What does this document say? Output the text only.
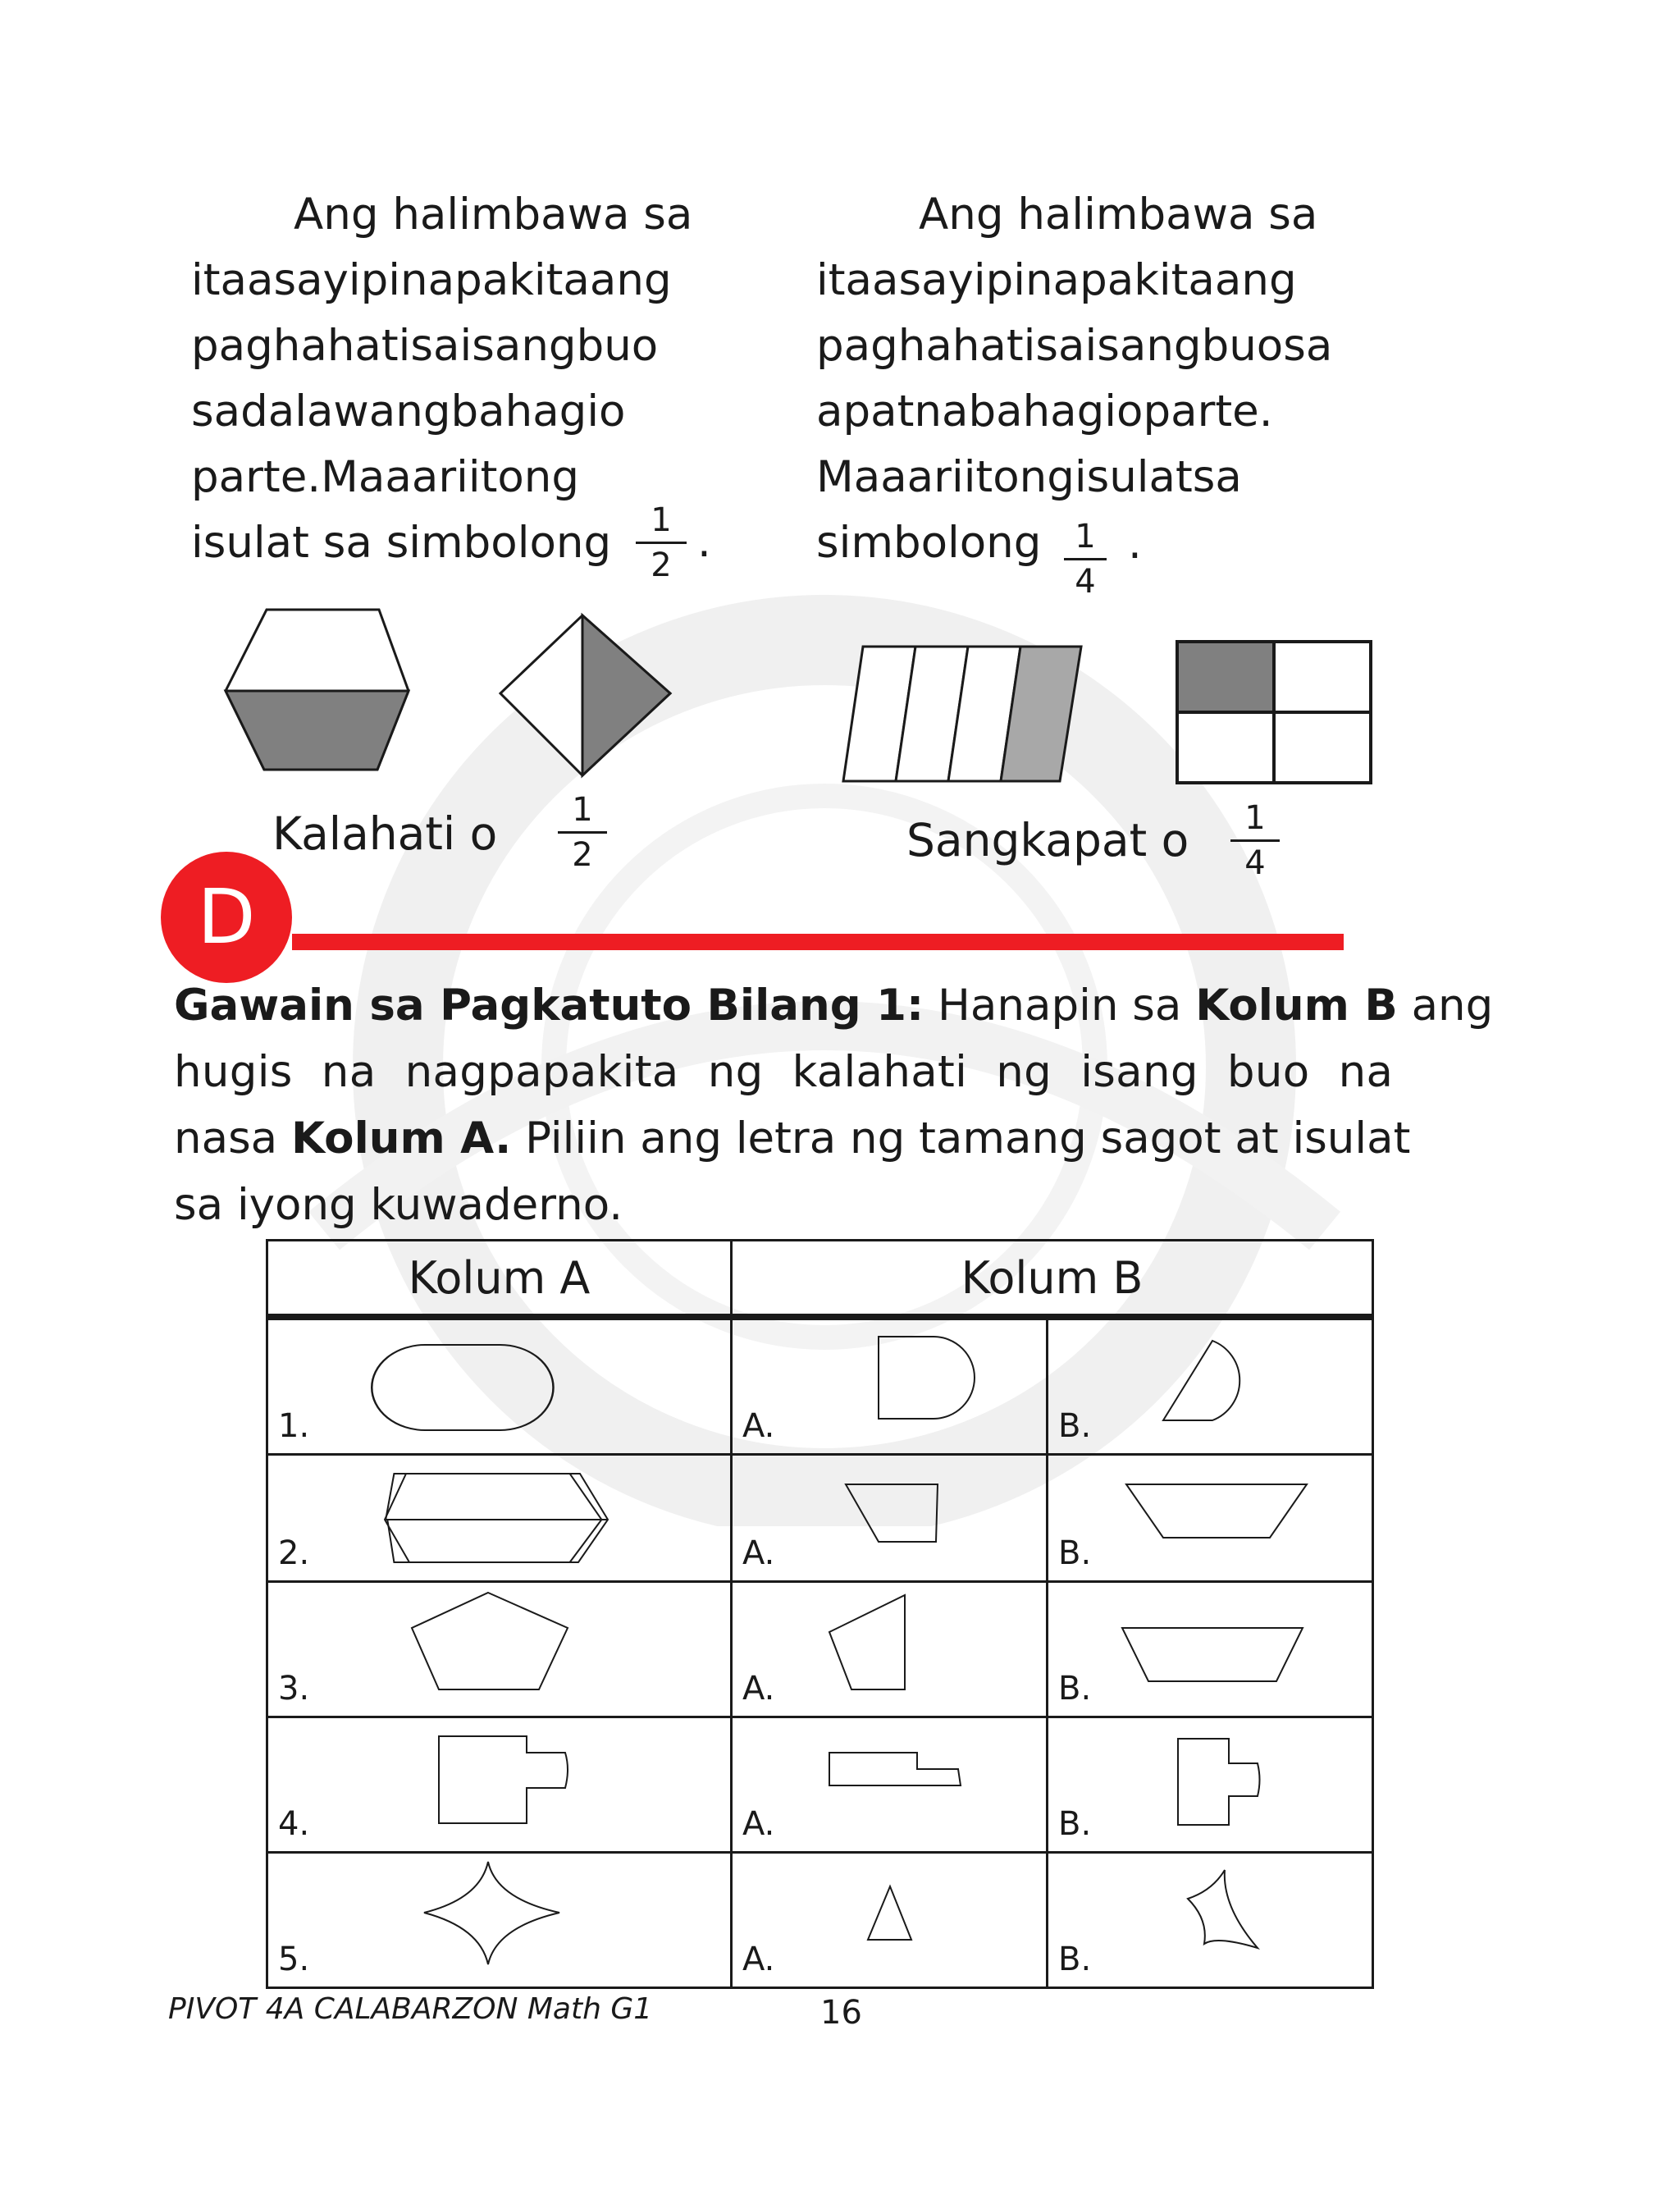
Ang halimbawa sa
itaasayipinapakitaang
paghahatisaisangbuo
sadalawangbahagio
parte.Maaariitong
isulat sa simbolong	1
2 .
Ang halimbawa sa
itaasayipinapakitaang
paghahatisaisangbuosa
apatnabahagioparte.
Maaariitongisulatsa
simbolong	1
4
.
Kalahati o	1
2	Sangkapat o	1
4
D
Gawain sa Pagkatuto Bilang 1: Hanapin sa Kolum B ang
hugis na nagpapakita ng kalahati ng isang buo na
nasa Kolum A. Piliin ang letra ng tamang sagot at isulat
sa iyong kuwaderno.
Kolum A	Kolum B	

1.	A.	B.

2.	A.	B.

3.	A.	B.

4.	A.	B.

5.	A.	B.
PIVOT 4A CALABARZON Math G1	16
